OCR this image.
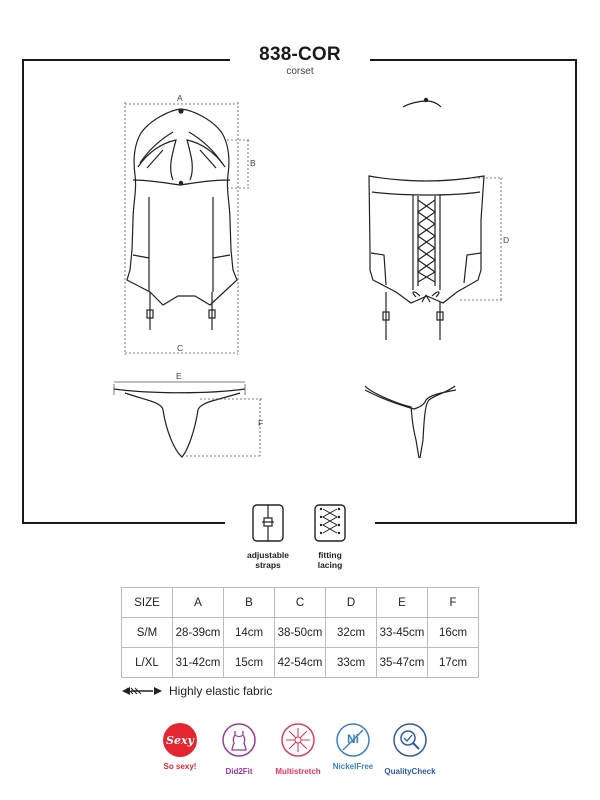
838-COR
corset
A
B
C
D
E
F
adjustable
straps
fitting
lacing
SIZE	A	B	C	D	E	F
S/M	28-39cm	14cm	38-50cm	32cm	33-45cm	16cm
L/XL	31-42cm	15cm	42-54cm	33cm	35-47cm	17cm
Highly elastic fabric
Sexy
So sexy!
Did2Fit	Multistretch
Ni
NickelFree
QualityCheck
